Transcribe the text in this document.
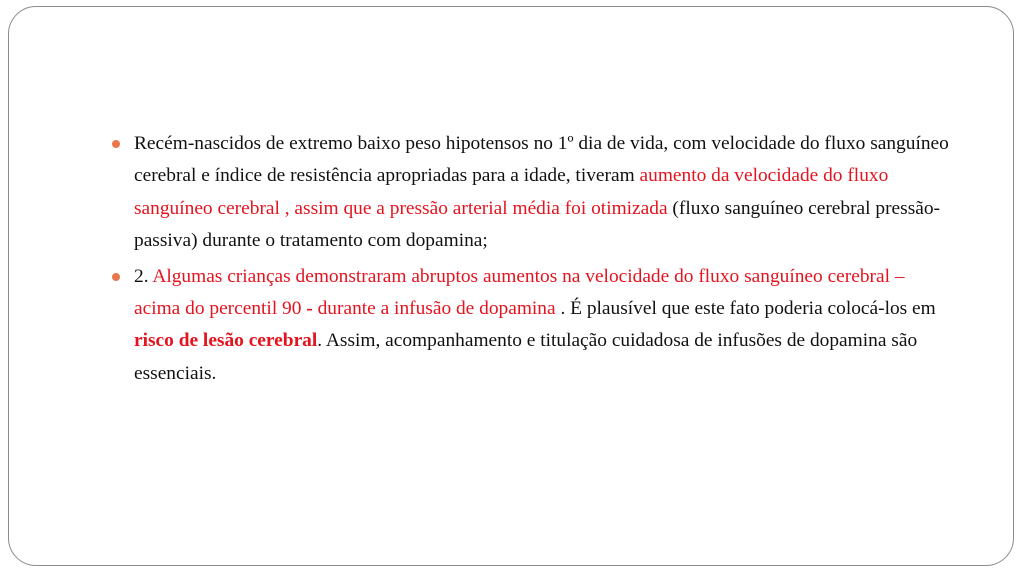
Recém-nascidos de extremo baixo peso hipotensos no 1º dia de vida, com velocidade do fluxo sanguíneo cerebral e índice de resistência apropriadas para a idade, tiveram aumento da velocidade do fluxo sanguíneo cerebral , assim que a pressão arterial média foi otimizada (fluxo sanguíneo cerebral pressão-passiva) durante o tratamento com dopamina;
2. Algumas crianças demonstraram abruptos aumentos na velocidade do fluxo sanguíneo cerebral – acima do percentil 90 - durante a infusão de dopamina . É plausível que este fato poderia colocá-los em risco de lesão cerebral. Assim, acompanhamento e titulação cuidadosa de infusões de dopamina são essenciais.
